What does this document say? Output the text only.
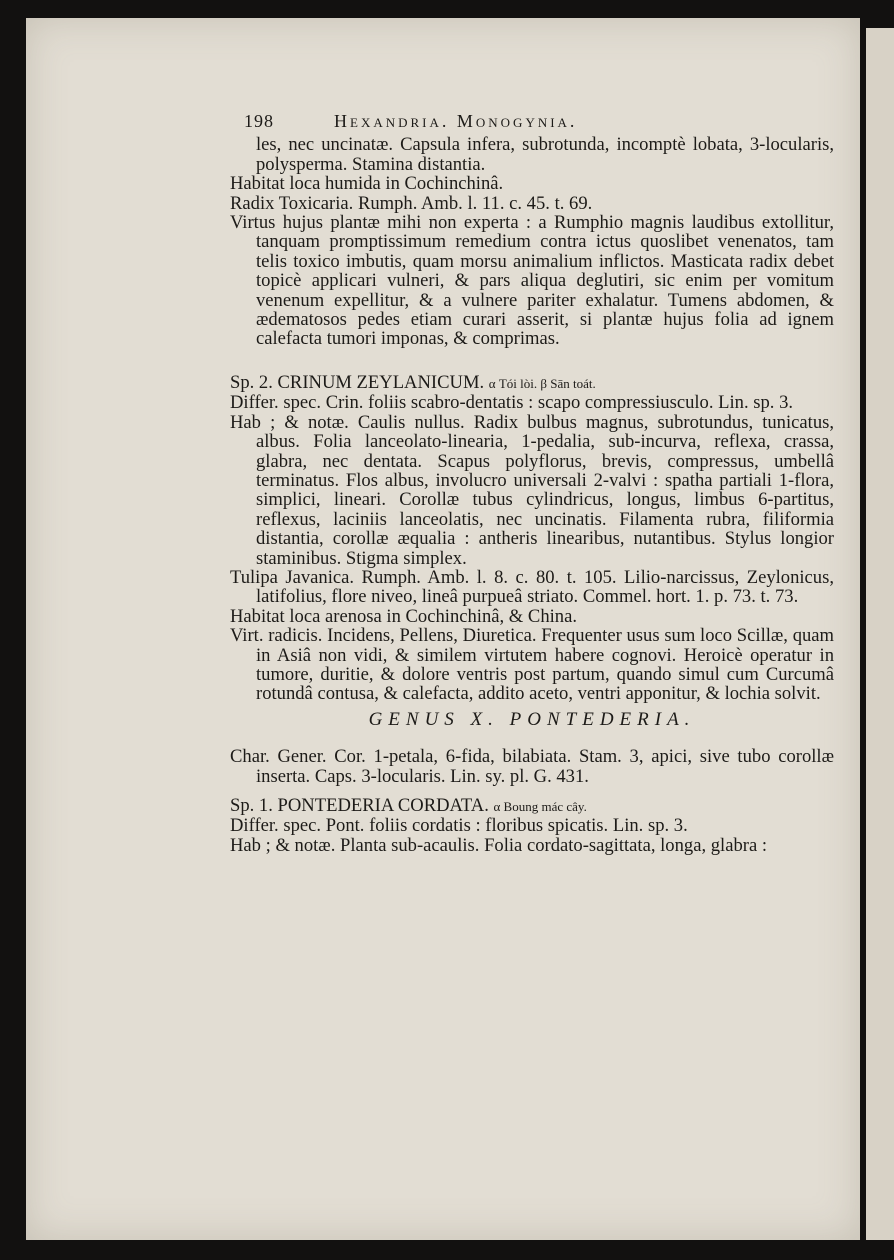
198	Hexandria. Monogynia.

les, nec uncinatæ. Capsula infera, subrotunda, incomptè lobata, 3-locularis, polysperma. Stamina distantia.

Habitat loca humida in Cochinchinâ.

Radix Toxicaria. Rumph. Amb. l. 11. c. 45. t. 69.

Virtus hujus plantæ mihi non experta : a Rumphio magnis laudibus extollitur, tanquam promptissimum remedium contra ictus quoslibet venenatos, tam telis toxico imbutis, quam morsu animalium inflictos. Masticata radix debet topicè applicari vulneri, & pars aliqua deglutiri, sic enim per vomitum venenum expellitur, & a vulnere pariter exhalatur. Tumens abdomen, & ædematosos pedes etiam curari asserit, si plantæ hujus folia ad ignem calefacta tumori imponas, & comprimas.

Sp. 2. CRINUM ZEYLANICUM. α Tói lòi. β Sān toát.

Differ. spec. Crin. foliis scabro-dentatis : scapo compressiusculo. Lin. sp. 3.

Hab ; & notæ. Caulis nullus. Radix bulbus magnus, subrotundus, tunicatus, albus. Folia lanceolato-linearia, 1-pedalia, sub-incurva, reflexa, crassa, glabra, nec dentata. Scapus polyflorus, brevis, compressus, umbellâ terminatus. Flos albus, involucro universali 2-valvi : spatha partiali 1-flora, simplici, lineari. Corollæ tubus cylindricus, longus, limbus 6-partitus, reflexus, laciniis lanceolatis, nec uncinatis. Filamenta rubra, filiformia distantia, corollæ æqualia : antheris linearibus, nutantibus. Stylus longior staminibus. Stigma simplex.

Tulipa Javanica. Rumph. Amb. l. 8. c. 80. t. 105. Lilio-narcissus, Zeylonicus, latifolius, flore niveo, lineâ purpueâ striato. Commel. hort. 1. p. 73. t. 73.

Habitat loca arenosa in Cochinchinâ, & China.

Virt. radicis. Incidens, Pellens, Diuretica. Frequenter usus sum loco Scillæ, quam in Asiâ non vidi, & similem virtutem habere cognovi. Heroicè operatur in tumore, duritie, & dolore ventris post partum, quando simul cum Curcumâ rotundâ contusa, & calefacta, addito aceto, ventri apponitur, & lochia solvit.

GENUS X. PONTEDERIA.

Char. Gener. Cor. 1-petala, 6-fida, bilabiata. Stam. 3, apici, sive tubo corollæ inserta. Caps. 3-locularis. Lin. sy. pl. G. 431.

Sp. 1. PONTEDERIA CORDATA. α Boung mác cây.

Differ. spec. Pont. foliis cordatis : floribus spicatis. Lin. sp. 3.

Hab ; & notæ. Planta sub-acaulis. Folia cordato-sagittata, longa, glabra :
